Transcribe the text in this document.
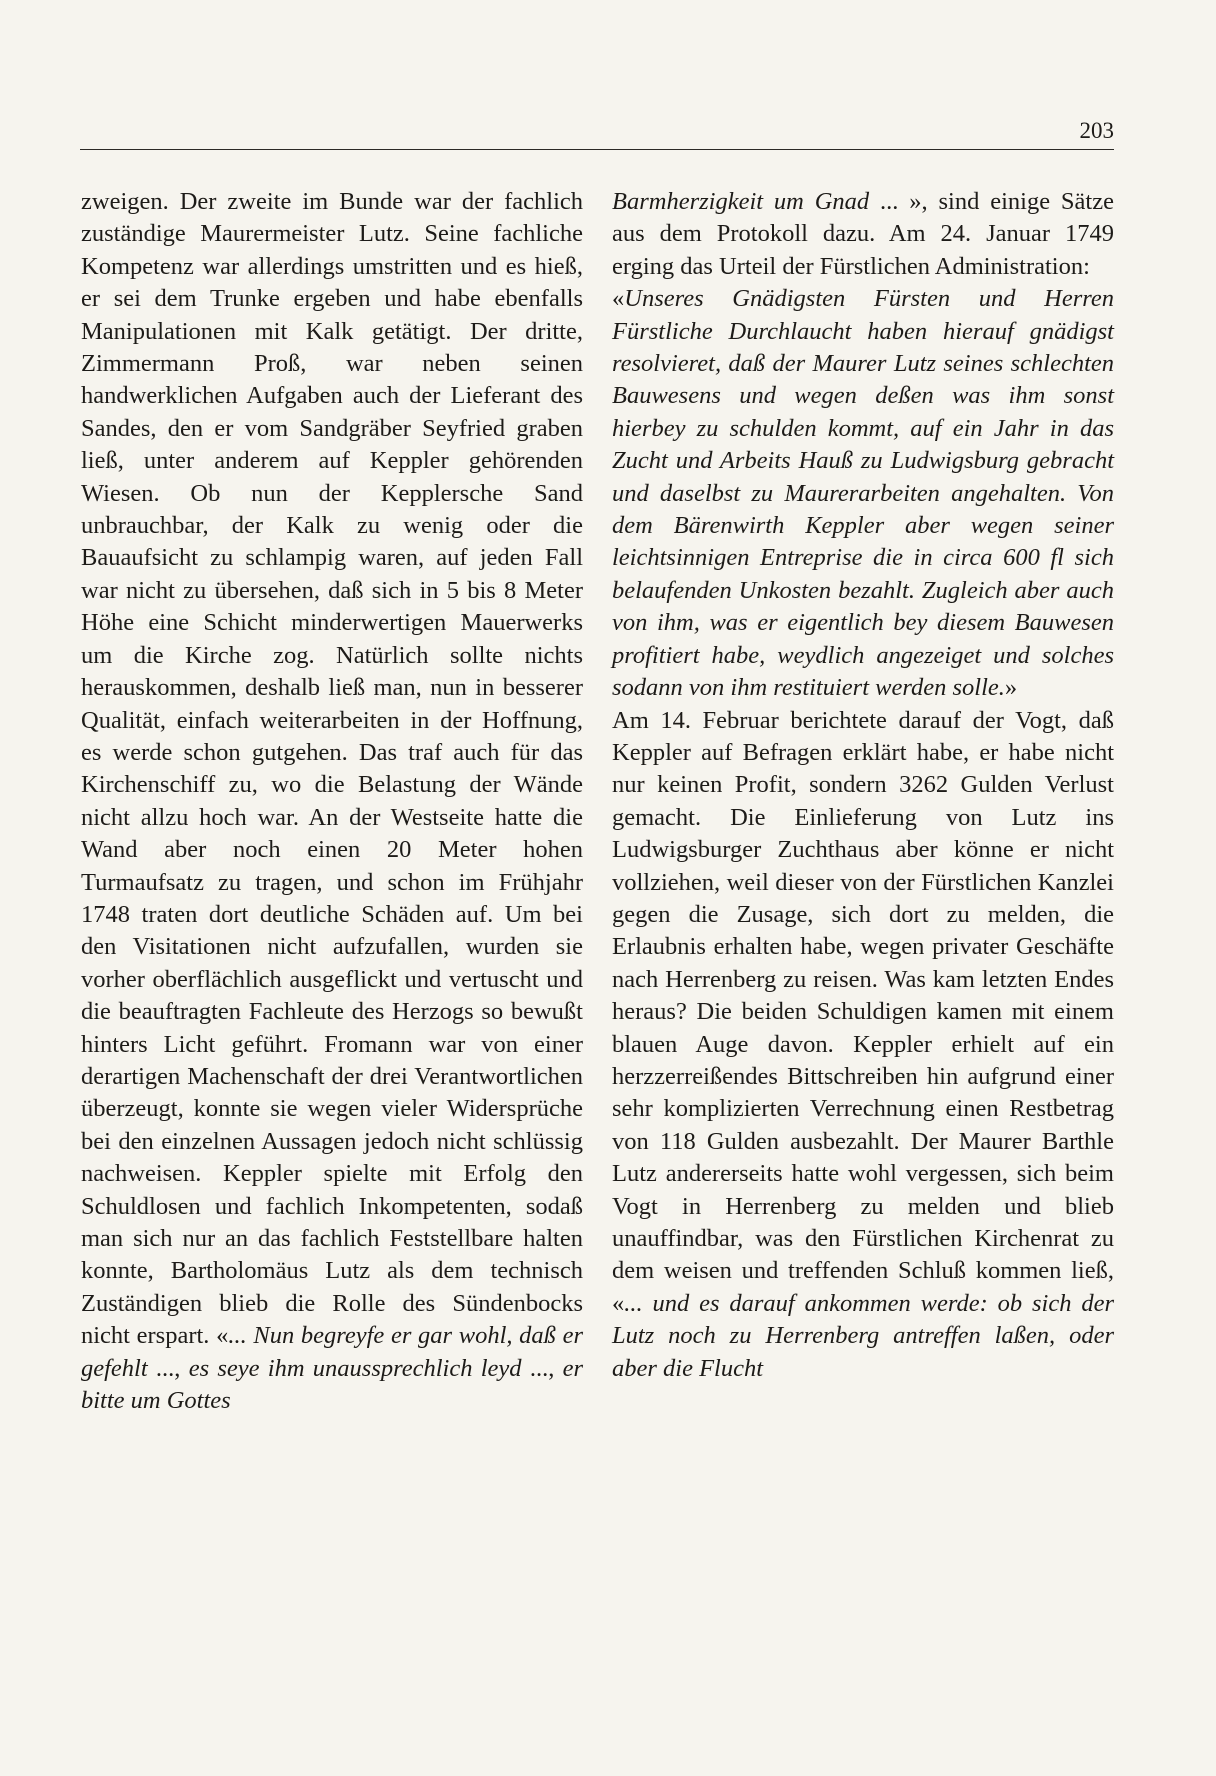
203

zweigen. Der zweite im Bunde war der fachlich zuständige Maurermeister Lutz. Seine fachliche Kompetenz war allerdings umstritten und es hieß, er sei dem Trunke ergeben und habe ebenfalls Manipulationen mit Kalk getätigt. Der dritte, Zimmermann Proß, war neben seinen handwerklichen Aufgaben auch der Lieferant des Sandes, den er vom Sandgräber Seyfried graben ließ, unter anderem auf Keppler gehörenden Wiesen. Ob nun der Kepplersche Sand unbrauchbar, der Kalk zu wenig oder die Bauaufsicht zu schlampig waren, auf jeden Fall war nicht zu übersehen, daß sich in 5 bis 8 Meter Höhe eine Schicht minderwertigen Mauerwerks um die Kirche zog. Natürlich sollte nichts herauskommen, deshalb ließ man, nun in besserer Qualität, einfach weiterarbeiten in der Hoffnung, es werde schon gutgehen. Das traf auch für das Kirchenschiff zu, wo die Belastung der Wände nicht allzu hoch war. An der Westseite hatte die Wand aber noch einen 20 Meter hohen Turmaufsatz zu tragen, und schon im Frühjahr 1748 traten dort deutliche Schäden auf. Um bei den Visitationen nicht aufzufallen, wurden sie vorher oberflächlich ausgeflickt und vertuscht und die beauftragten Fachleute des Herzogs so bewußt hinters Licht geführt. Fromann war von einer derartigen Machenschaft der drei Verantwortlichen überzeugt, konnte sie wegen vieler Widersprüche bei den einzelnen Aussagen jedoch nicht schlüssig nachweisen. Keppler spielte mit Erfolg den Schuldlosen und fachlich Inkompetenten, sodaß man sich nur an das fachlich Feststellbare halten konnte, Bartholomäus Lutz als dem technisch Zuständigen blieb die Rolle des Sündenbocks nicht erspart. «... Nun begreyfe er gar wohl, daß er gefehlt ..., es seye ihm unaussprechlich leyd ..., er bitte um Gottes

Barmherzigkeit um Gnad ... », sind einige Sätze aus dem Protokoll dazu. Am 24. Januar 1749 erging das Urteil der Fürstlichen Administration:

«Unseres Gnädigsten Fürsten und Herren Fürstliche Durchlaucht haben hierauf gnädigst resolvieret, daß der Maurer Lutz seines schlechten Bauwesens und wegen deßen was ihm sonst hierbey zu schulden kommt, auf ein Jahr in das Zucht und Arbeits Hauß zu Ludwigsburg gebracht und daselbst zu Maurerarbeiten angehalten. Von dem Bärenwirth Keppler aber wegen seiner leichtsinnigen Entreprise die in circa 600 fl sich belaufenden Unkosten bezahlt. Zugleich aber auch von ihm, was er eigentlich bey diesem Bauwesen profitiert habe, weydlich angezeiget und solches sodann von ihm restituiert werden solle.»

Am 14. Februar berichtete darauf der Vogt, daß Keppler auf Befragen erklärt habe, er habe nicht nur keinen Profit, sondern 3262 Gulden Verlust gemacht. Die Einlieferung von Lutz ins Ludwigsburger Zuchthaus aber könne er nicht vollziehen, weil dieser von der Fürstlichen Kanzlei gegen die Zusage, sich dort zu melden, die Erlaubnis erhalten habe, wegen privater Geschäfte nach Herrenberg zu reisen. Was kam letzten Endes heraus? Die beiden Schuldigen kamen mit einem blauen Auge davon. Keppler erhielt auf ein herzzerreißendes Bittschreiben hin aufgrund einer sehr komplizierten Verrechnung einen Restbetrag von 118 Gulden ausbezahlt. Der Maurer Barthle Lutz andererseits hatte wohl vergessen, sich beim Vogt in Herrenberg zu melden und blieb unauffindbar, was den Fürstlichen Kirchenrat zu dem weisen und treffenden Schluß kommen ließ, «... und es darauf ankommen werde: ob sich der Lutz noch zu Herrenberg antreffen laßen, oder aber die Flucht
